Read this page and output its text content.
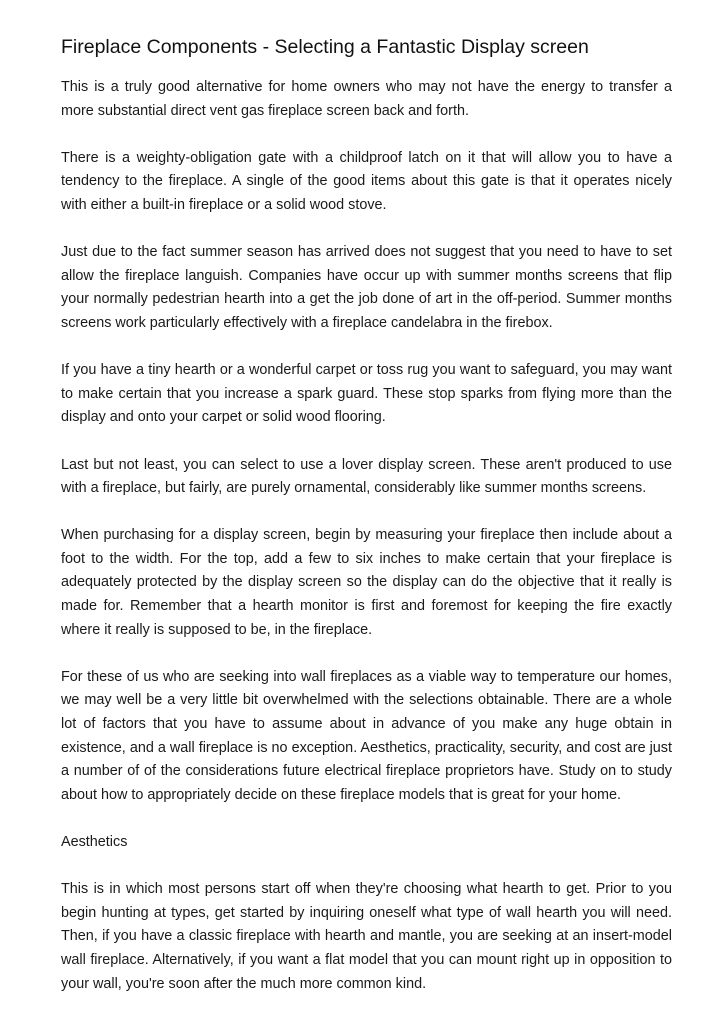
Fireplace Components - Selecting a Fantastic Display screen

This is a truly good alternative for home owners who may not have the energy to transfer a more substantial direct vent gas fireplace screen back and forth.

There is a weighty-obligation gate with a childproof latch on it that will allow you to have a tendency to the fireplace. A single of the good items about this gate is that it operates nicely with either a built-in fireplace or a solid wood stove.

Just due to the fact summer season has arrived does not suggest that you need to have to set allow the fireplace languish. Companies have occur up with summer months screens that flip your normally pedestrian hearth into a get the job done of art in the off-period. Summer months screens work particularly effectively with a fireplace candelabra in the firebox.

If you have a tiny hearth or a wonderful carpet or toss rug you want to safeguard, you may want to make certain that you increase a spark guard. These stop sparks from flying more than the display and onto your carpet or solid wood flooring.

Last but not least, you can select to use a lover display screen. These aren't produced to use with a fireplace, but fairly, are purely ornamental, considerably like summer months screens.

When purchasing for a display screen, begin by measuring your fireplace then include about a foot to the width. For the top, add a few to six inches to make certain that your fireplace is adequately protected by the display screen so the display can do the objective that it really is made for. Remember that a hearth monitor is first and foremost for keeping the fire exactly where it really is supposed to be, in the fireplace.

For these of us who are seeking into wall fireplaces as a viable way to temperature our homes, we may well be a very little bit overwhelmed with the selections obtainable. There are a whole lot of factors that you have to assume about in advance of you make any huge obtain in existence, and a wall fireplace is no exception. Aesthetics, practicality, security, and cost are just a number of of the considerations future electrical fireplace proprietors have. Study on to study about how to appropriately decide on these fireplace models that is great for your home.

Aesthetics

This is in which most persons start off when they're choosing what hearth to get. Prior to you begin hunting at types, get started by inquiring oneself what type of wall hearth you will need. Then, if you have a classic fireplace with hearth and mantle, you are seeking at an insert-model wall fireplace. Alternatively, if you want a flat model that you can mount right up in opposition to your wall, you're soon after the much more common kind.
